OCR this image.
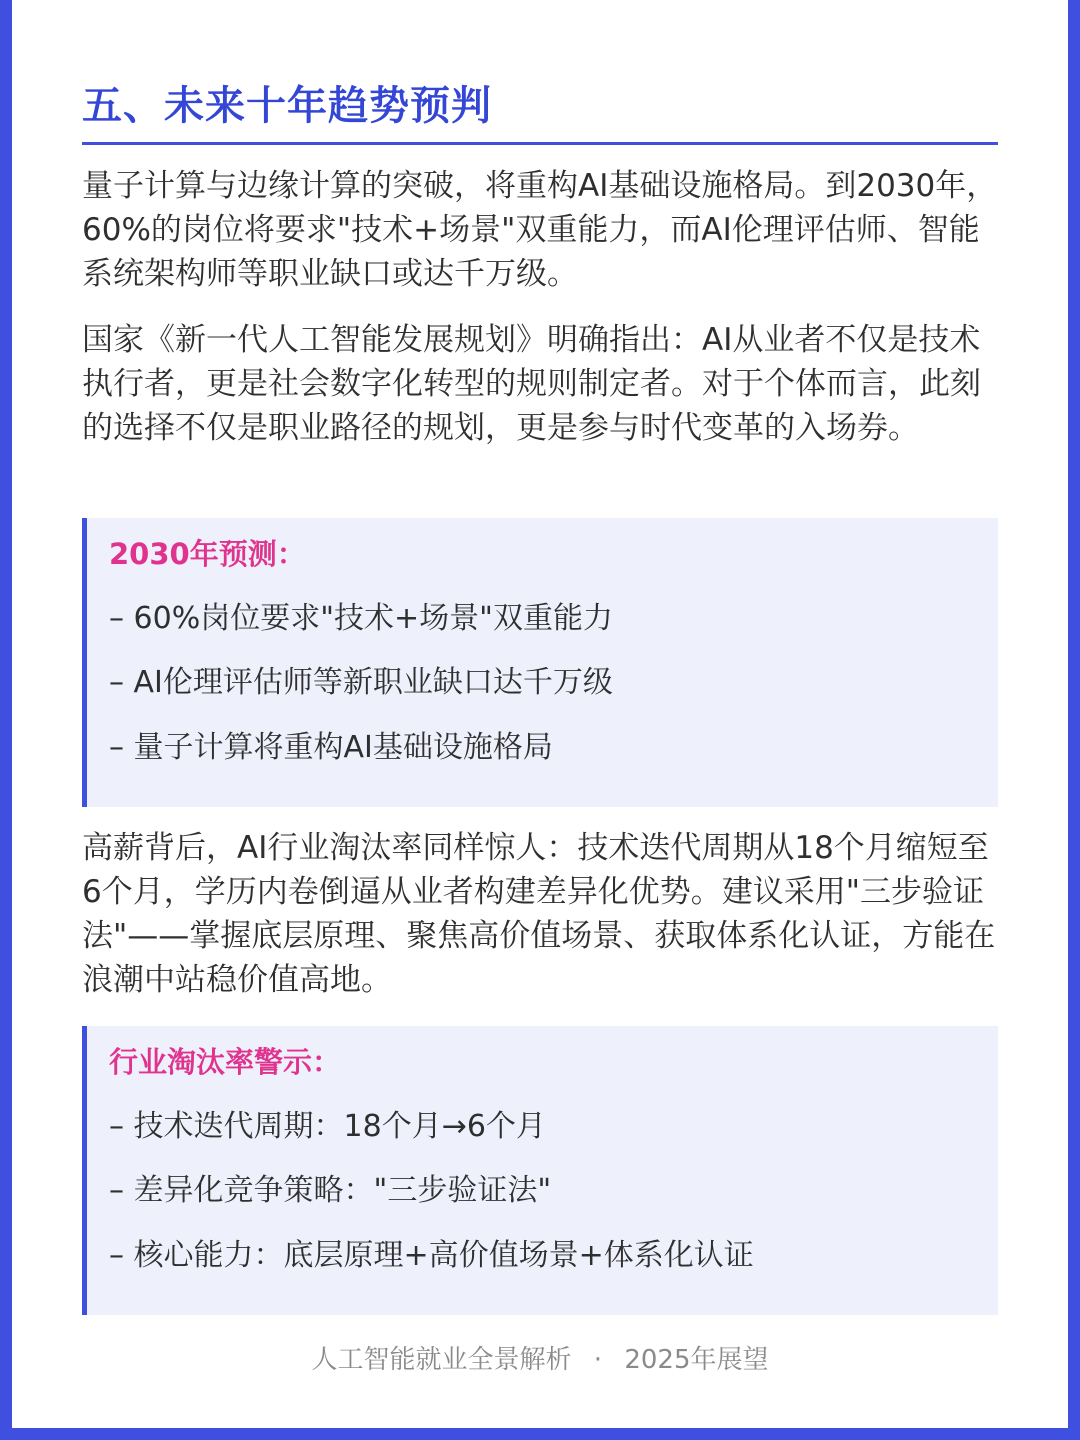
五、未来十年趋势预判

量子计算与边缘计算的突破，将重构AI基础设施格局。到2030年，60%的岗位将要求"技术+场景"双重能力，而AI伦理评估师、智能系统架构师等职业缺口或达千万级。

国家《新一代人工智能发展规划》明确指出：AI从业者不仅是技术执行者，更是社会数字化转型的规则制定者。对于个体而言，此刻的选择不仅是职业路径的规划，更是参与时代变革的入场券。

2030年预测：
– 60%岗位要求"技术+场景"双重能力
– AI伦理评估师等新职业缺口达千万级
– 量子计算将重构AI基础设施格局

高薪背后，AI行业淘汰率同样惊人：技术迭代周期从18个月缩短至6个月，学历内卷倒逼从业者构建差异化优势。建议采用"三步验证法"——掌握底层原理、聚焦高价值场景、获取体系化认证，方能在浪潮中站稳价值高地。

行业淘汰率警示：
– 技术迭代周期：18个月→6个月
– 差异化竞争策略："三步验证法"
– 核心能力：底层原理+高价值场景+体系化认证
人工智能就业全景解析 · 2025年展望
